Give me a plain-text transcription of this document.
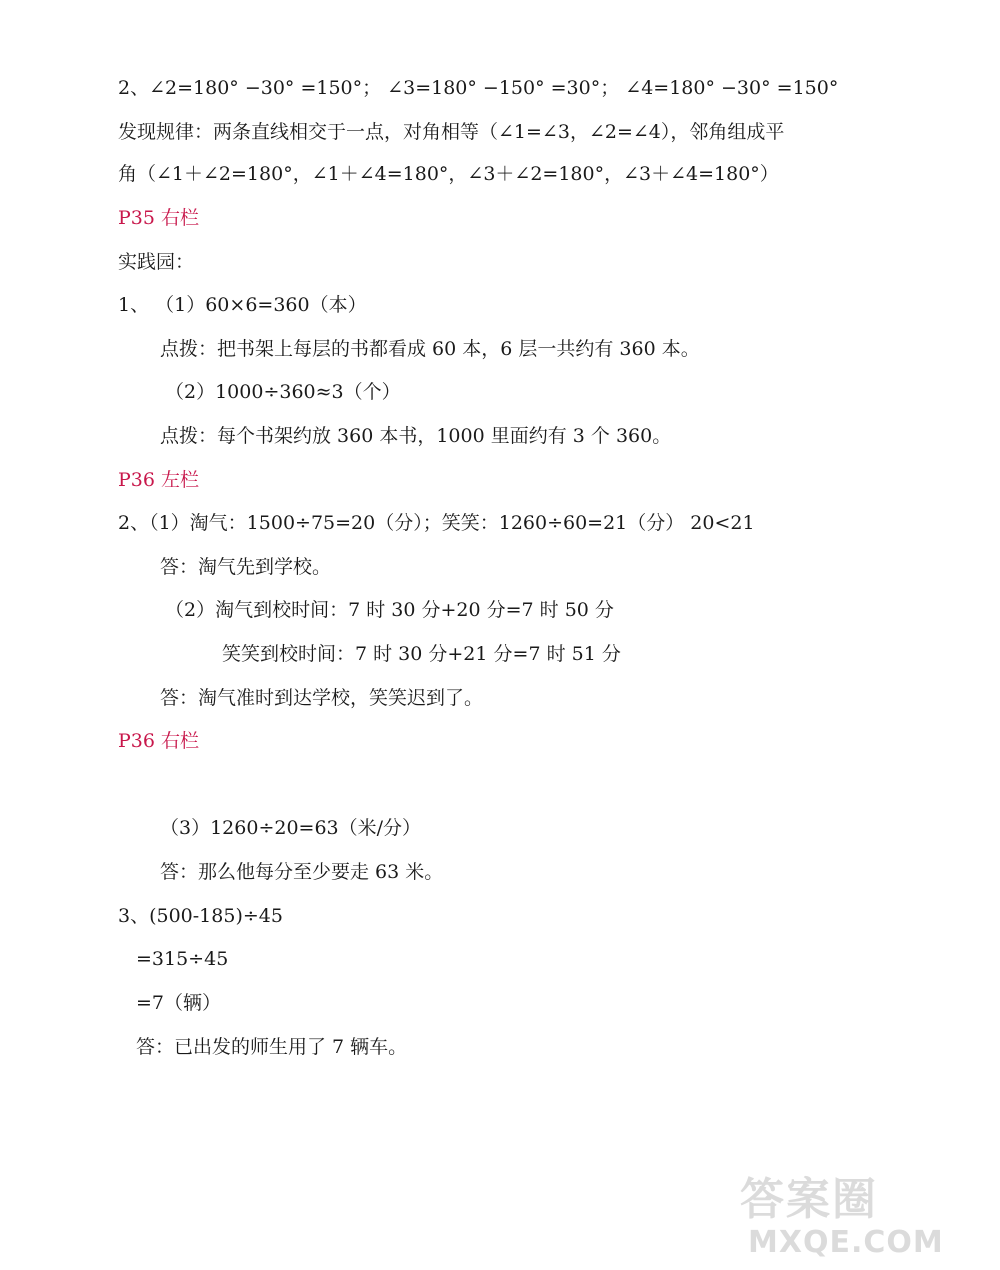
2、∠2=180° −30° =150°； ∠3=180° −150° =30°； ∠4=180° −30° =150°
发现规律：两条直线相交于一点，对角相等（∠1=∠3，∠2=∠4），邻角组成平
角（∠1＋∠2=180°，∠1＋∠4=180°，∠3＋∠2=180°，∠3＋∠4=180°）
P35 右栏
实践园：
1、 （1）60×6=360（本）
点拨：把书架上每层的书都看成 60 本，6 层一共约有 360 本。
（2）1000÷360≈3（个）
点拨：每个书架约放 360 本书，1000 里面约有 3 个 360。
P36 左栏
2、（1）淘气：1500÷75=20（分）；笑笑：1260÷60=21（分） 20<21
答：淘气先到学校。
（2）淘气到校时间：7 时 30 分+20 分=7 时 50 分
笑笑到校时间：7 时 30 分+21 分=7 时 51 分
答：淘气准时到达学校，笑笑迟到了。
P36 右栏
（3）1260÷20=63（米/分）
答：那么他每分至少要走 63 米。
3、(500-185)÷45
=315÷45
=7（辆）
答：已出发的师生用了 7 辆车。
答案圈
MXQE.COM
